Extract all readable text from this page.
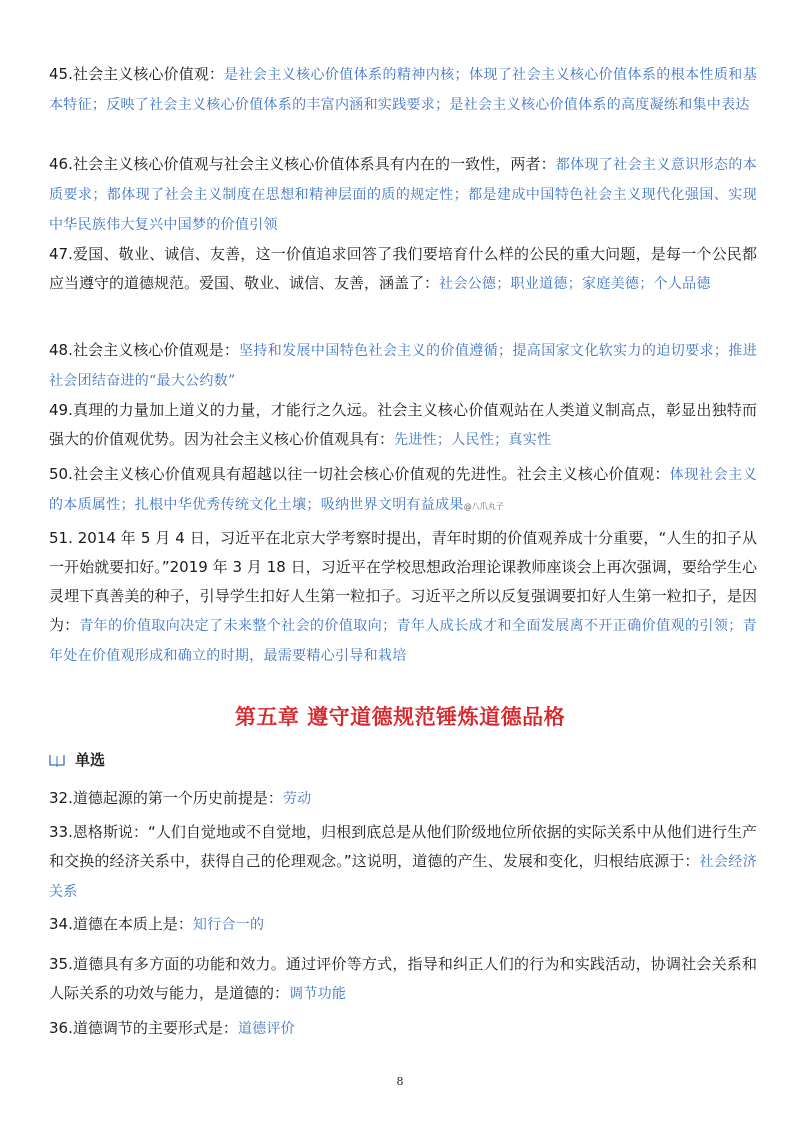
45.社会主义核心价值观：是社会主义核心价值体系的精神内核；体现了社会主义核心价值体系的根本性质和基本特征；反映了社会主义核心价值体系的丰富内涵和实践要求；是社会主义核心价值体系的高度凝练和集中表达
46.社会主义核心价值观与社会主义核心价值体系具有内在的一致性，两者：都体现了社会主义意识形态的本质要求；都体现了社会主义制度在思想和精神层面的质的规定性；都是建成中国特色社会主义现代化强国、实现中华民族伟大复兴中国梦的价值引领
47.爱国、敬业、诚信、友善，这一价值追求回答了我们要培育什么样的公民的重大问题，是每一个公民都应当遵守的道德规范。爱国、敬业、诚信、友善，涵盖了：社会公德；职业道德；家庭美德；个人品德
48.社会主义核心价值观是：坚持和发展中国特色社会主义的价值遵循；提高国家文化软实力的迫切要求；推进社会团结奋进的“最大公约数”
49.真理的力量加上道义的力量，才能行之久远。社会主义核心价值观站在人类道义制高点，彰显出独特而强大的价值观优势。因为社会主义核心价值观具有：先进性；人民性；真实性
50.社会主义核心价值观具有超越以往一切社会核心价值观的先进性。社会主义核心价值观：体现社会主义的本质属性；扎根中华优秀传统文化土壤；吸纳世界文明有益成果@八爪丸子
51. 2014 年 5 月 4 日，习近平在北京大学考察时提出，青年时期的价值观养成十分重要，“人生的扣子从一开始就要扣好。”2019 年 3 月 18 日，习近平在学校思想政治理论课教师座谈会上再次强调，要给学生心灵埋下真善美的种子，引导学生扣好人生第一粒扣子。习近平之所以反复强调要扣好人生第一粒扣子，是因为：青年的价值取向决定了未来整个社会的价值取向；青年人成长成才和全面发展离不开正确价值观的引领；青年处在价值观形成和确立的时期，最需要精心引导和栽培
第五章 遵守道德规范锤炼道德品格
单选
32.道德起源的第一个历史前提是：劳动
33.恩格斯说：“人们自觉地或不自觉地，归根到底总是从他们阶级地位所依据的实际关系中从他们进行生产和交换的经济关系中，获得自己的伦理观念。”这说明，道德的产生、发展和变化，归根结底源于：社会经济关系
34.道德在本质上是：知行合一的
35.道德具有多方面的功能和效力。通过评价等方式，指导和纠正人们的行为和实践活动，协调社会关系和人际关系的功效与能力，是道德的：调节功能
36.道德调节的主要形式是：道德评价
8
